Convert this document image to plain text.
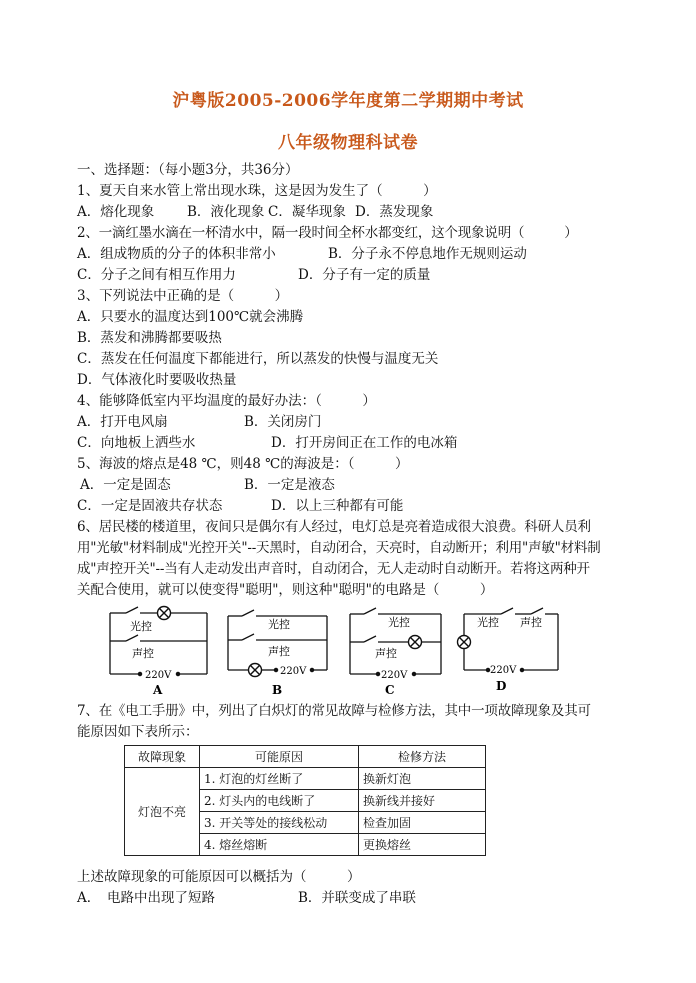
沪粤版2005-2006学年度第二学期期中考试
八年级物理科试卷
一、选择题：（每小题3分，共36分）
1、夏天自来水管上常出现水珠，这是因为发生了（　　　）
A．熔化现象 B．液化现象 C．凝华现象 D．蒸发现象
2、一滴红墨水滴在一杯清水中，隔一段时间全杯水都变红，这个现象说明（　　　）
A．组成物质的分子的体积非常小	B．分子永不停息地作无规则运动
C．分子之间有相互作用力	D．分子有一定的质量
3、下列说法中正确的是（　　　）
A．只要水的温度达到100℃就会沸腾
B．蒸发和沸腾都要吸热
C．蒸发在任何温度下都能进行，所以蒸发的快慢与温度无关
D．气体液化时要吸收热量
4、能够降低室内平均温度的最好办法：（　　　）
A．打开电风扇	B．关闭房门
C．向地板上洒些水	D．打开房间正在工作的电冰箱
5、海波的熔点是48 ℃，则48 ℃的海波是：（　　　）
A．一定是固态	B．一定是液态
C．一定是固液共存状态	D．以上三种都有可能
6、居民楼的楼道里，夜间只是偶尔有人经过，电灯总是亮着造成很大浪费。科研人员利
用"光敏"材料制成"光控开关"--天黑时，自动闭合，天亮时，自动断开；利用"声敏"材料制
成"声控开关"--当有人走动发出声音时，自动闭合，无人走动时自动断开。若将这两种开
关配合使用，就可以使变得"聪明"，则这种"聪明"的电路是（　　　）
光控
声控
220V
A
光控
声控
220V
B
光控
声控
220V
C
光控 声控
220V
D
7、在《电工手册》中，列出了白炽灯的常见故障与检修方法，其中一项故障现象及其可
能原因如下表所示：
故障现象	可能原因	检修方法
灯泡不亮	1. 灯泡的灯丝断了	换新灯泡
	2. 灯头内的电线断了	换新线并接好
	3. 开关等处的接线松动	检查加固
	4. 熔丝熔断	更换熔丝
上述故障现象的可能原因可以概括为（　　　）
A．　电路中出现了短路	B．并联变成了串联
